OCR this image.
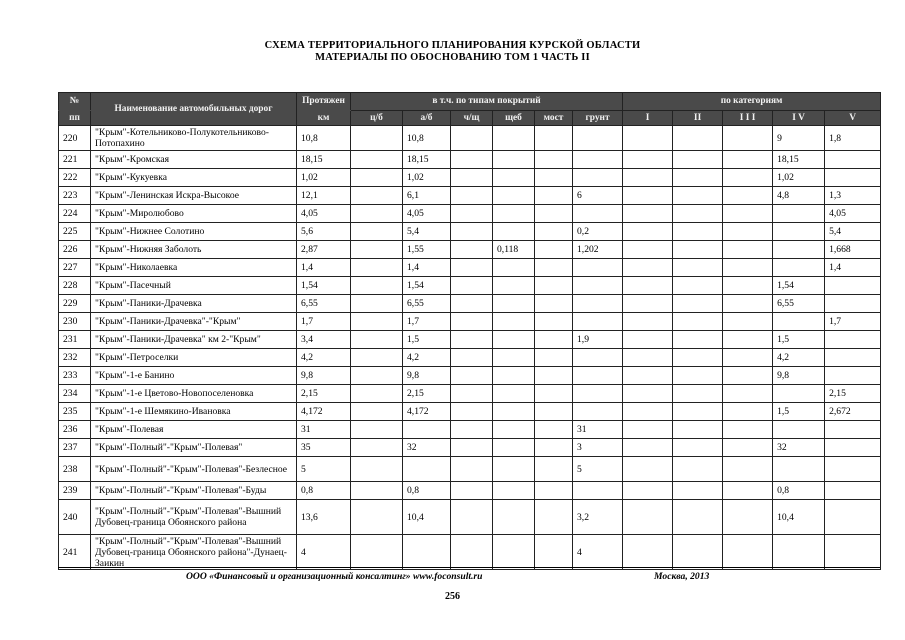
СХЕМА ТЕРРИТОРИАЛЬНОГО ПЛАНИРОВАНИЯ КУРСКОЙ ОБЛАСТИ
МАТЕРИАЛЫ ПО ОБОСНОВАНИЮ ТОМ 1 ЧАСТЬ II
№	Наименование автомобильных дорог	Протяжен	в т.ч. по типам покрытий						по категориям				
пп		км	ц/б	а/б	ч/щ	щеб	мост	грунт	I	II	I I I	I V	V
220	"Крым"-Котельниково-Полукотельниково-Потопахино	10,8		10,8								9	1,8
221	"Крым"-Кромская	18,15		18,15								18,15	
222	"Крым"-Кукуевка	1,02		1,02								1,02	
223	"Крым"-Ленинская Искра-Высокое	12,1		6,1				6				4,8	1,3
224	"Крым"-Миролюбово	4,05		4,05									4,05
225	"Крым"-Нижнее Солотино	5,6		5,4				0,2					5,4
226	"Крым"-Нижняя Заболоть	2,87		1,55		0,118		1,202					1,668
227	"Крым"-Николаевка	1,4		1,4									1,4
228	"Крым"-Пасечный	1,54		1,54								1,54	
229	"Крым"-Паники-Драчевка	6,55		6,55								6,55	
230	"Крым"-Паники-Драчевка"-"Крым"	1,7		1,7									1,7
231	"Крым"-Паники-Драчевка" км 2-"Крым"	3,4		1,5				1,9				1,5	
232	"Крым"-Петроселки	4,2		4,2								4,2	
233	"Крым"-1-е Банино	9,8		9,8								9,8	
234	"Крым"-1-е Цветово-Новопоселеновка	2,15		2,15									2,15
235	"Крым"-1-е Шемякино-Ивановка	4,172		4,172								1,5	2,672
236	"Крым"-Полевая	31						31					
237	"Крым"-Полный"-"Крым"-Полевая"	35		32				3				32	
238	"Крым"-Полный"-"Крым"-Полевая"-Безлесное	5						5					
239	"Крым"-Полный"-"Крым"-Полевая"-Буды	0,8		0,8								0,8	
240	"Крым"-Полный"-"Крым"-Полевая"-Вышний Дубовец-граница Обоянского района	13,6		10,4				3,2				10,4	
241	"Крым"-Полный"-"Крым"-Полевая"-Вышний Дубовец-граница Обоянского района"-Дунаец-Заикин	4						4					
ООО «Финансовый и организационный консалтинг» www.foconsult.ru	Москва, 2013
256
